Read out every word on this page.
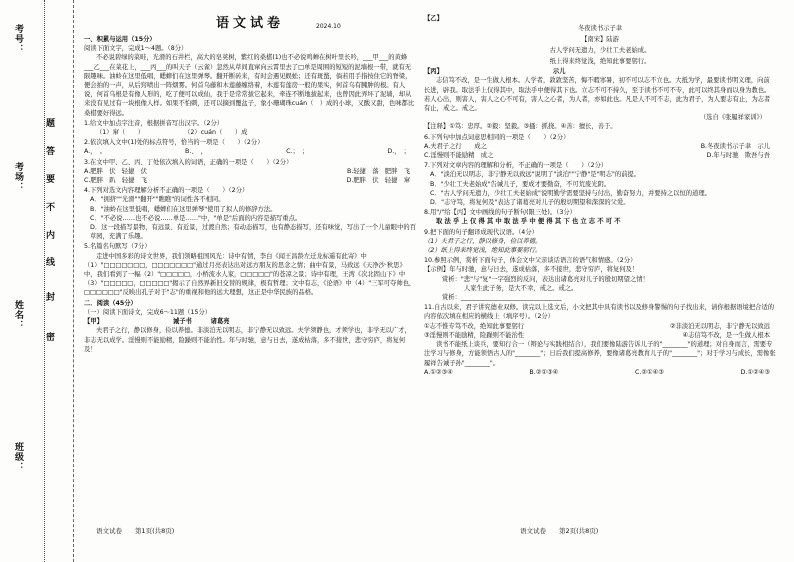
考号：
考场：
姓名：
班级：
密
封
线
内
不
要
答
题
语文试卷	2024.10
一、积累与运用（15分）
阅读下面文字，完成1～4题。（8分）

不必说碧绿的菜畦，光滑的石井栏，高大的皂荚树，紫红的桑椹(1)也不必说鸣蝉在树叶里长吟，___甲___的黄蜂___乙___在菜花上，___丙___的叫天子（云雀）忽然从草间直窜向云霄里去了□单是周围的短短的泥墙根一带，就有无限趣味。油蛉在这里低唱，蟋蟀们在这里弹琴。翻开断砖来，有时会遇见蜈蚣；还有斑蝥，倘若用手指按住它的脊梁，便会拍的一声，从后窍喷出一阵烟雾。何首乌藤和木莲藤缠络着，木莲有莲房一般的果实，何首乌有臃肿的根。有人说，何首乌根是有像人形的，吃了便可以成仙，我于是常常拔它起来，牵连不断地拔起来，也曾因此弄坏了泥墙，却从来没有见过有一块根像人样。如果不怕刺，还可以摘到覆盆子，象小珊瑚珠cuán（　）成的小球，又酸又甜，色味都比桑椹要好得远。

1.给文中加点字注音，根据拼音写出汉字。（2分）
（1）窜（　　）	（2）cuán（　　）成
2.依次填入文中(1)处的标点符号，恰当的一项是（　　）（2分）
A.，　。	B.、　，	C.；　；	D.，　；
3.在文中甲、乙、丙、丁处依次填入的词语，正确的一项是（　　）（2分）
A.肥胖　伏　轻捷　伏	B.轻捷　落　肥胖　飞
C.肥胖　趴　轻捷　飞	D.肥胖　伏　轻捷　窜
4.下列对选文内容理解分析不正确的一项是（　　）（2分）
A．"拥挤""光滑""翻开""瞧瞧"的词性各不相同。
B．"油蛉在这里低唱，蟋蟀们在这里弹琴"使用了拟人的修辞方法。
C．"不必说……也不必说……单是……"中，"单是"后面的内容是描写重点。
D．这一段描写景物，有远景、有近景，过渡自然；有动态描写，也有静态描写，还有味觉，写出了一个儿童眼中的百草园，充满了乐趣。
5.名篇名句默写（7分）

走进中国多彩的诗文世界，我们领略祖国风光：诗中有情，李白《闻王昌龄左迁龙标遥有此寄》中（1）"□□□□□□□，□□□□□□□"通过月亮表达出对远方朋友的思念之情；曲中有景，马致远《天净沙·秋思》中，我们看到了一幅（2）"□□□□□，小桥流水人家，□□□□□"的苍凉之景；诗中有理，王湾《次北固山下》中（3）"□□□□□，□□□□□"揭示了自然界新旧交替的规律，极有哲理；文中有志，《论语》中（4）"三军可夺帅也，□□□□□□"反映出孔子对于"志"的重视和他的远大理想，这正是中华民族的品格。

二．阅读（45分）
（一）阅读下面诗文，完成6～11题（15分）
【甲】	诫子书　　　诸葛亮

夫君子之行，静以修身，俭以养德。非淡泊无以明志，非宁静无以致远。夫学须静也，才须学也，非学无以广才，非志无以成学。淫慢则不能励精，险躁则不能治性。年与时驰，意与日去，遂成枯落，多不接世，悲守穷庐，将复何及！

语文试卷　　第1页(共8页)
【乙】
冬夜读书示子聿
【南宋】陆游
古人学问无遗力，少壮工夫老始成。
纸上得来终觉浅，绝知此事要躬行。
【丙】	示儿

志信笃不改，是一生做人根本。人学者，敦敦坚苦，悔不暇寒暑，初不可以志不立也。大抵为学，最要读书明义理，向前长进，辟我。取法乎上仅得其中，取法乎中便得其下也。立志不可不持久，至于读书不可不专，此可以终其身而以身为教也。若人心出，则害人，害人之心不可有，害人之心者，为人者，亦如此也。凡是人不可不志，此为君子，为人要志有止，为志者有止，戒之。戒之。

（选自《张履祥家训》）
【注释】①笃：忠厚。②毅：坚毅。③搔：抓挠。④善：擅长，善于。
6.下列句中加点词意思相同的一项是（　　）（2分）
A.夫君子之行　　成之	B.冬夜读书示子聿　示儿
C.淫慢则不能励精　成之	D.年与时驰　欺吾与吾
7.下列对文章内容的理解和分析，不正确的一项是（　　）（2分）
A．"淡泊无以明志，非宁静无以致远"说明了"淡泊""宁静"是"明志"的前提。
B．"少壮工夫老始成"告诫儿子，要成才要勤奋，不可荒废光阴。
C．"古人学问无遗力，少壮工夫老始成"说明勤学需要坚持与付出，勤奋努力，并要持之以恒的道理。
D．"志守笃，将复何及"表达了诸葛亮对儿子的殷切期望和深深的父爱。
8.用"/"给【丙】文中画线的句子断句(限三处)。（3分）
取 法 乎 上 仅 得 其 中 取 法 乎 中 便 得 其 下 也 立 志 不 可 不
9.把下面的句子翻译成现代汉语。（4分）
（1）夫君子之行，静以修身，俭以养德。
（2）纸上得来终觉浅，绝知此事要躬行。
10.参照示例，赏析下面句子，体会文中父亲谈话语言的语气和情感。（2分）
【示例】年与时驰，意与日去，遂成枯落，多不接世，悲守穷庐，将复何及！
赏析："悲"与"复"一字强烈的反问，表达出诸葛亮对儿子的殷切期望之情！
人家生此子务，是大不幸，戒之。戒之。
赏析：________________________________
11.自古以来，君子讲究德业双修。读完以上选文后，小文把其中具有读书以及修身警惕的句子找出来，请你根据语境把合适的内容依次填在相应的横线上（填序号）。（2分）
①志不惟专笃不改，绝知此事要躬行	②非淡泊无以明志，非宁静无以致远
③淫慢则不能励精，险躁则不能治性	④志信笃不改，是一生做人根本

读书不能纸上谈兵，要知行合一（辩论与实践相结合），我们要像陆游告诉儿子的"________"的道理；对自身而言，需要专注学习与修身，方能领悟古人的"________"；日后我们提高修养，要像诸葛亮教育儿子的"________"；对于学习与成长，需像张履祥告诫子孙"________"。

A.①②③④	B.②①③④	C.②①④③	D.①②④③
语文试卷　　第2页(共8页)
